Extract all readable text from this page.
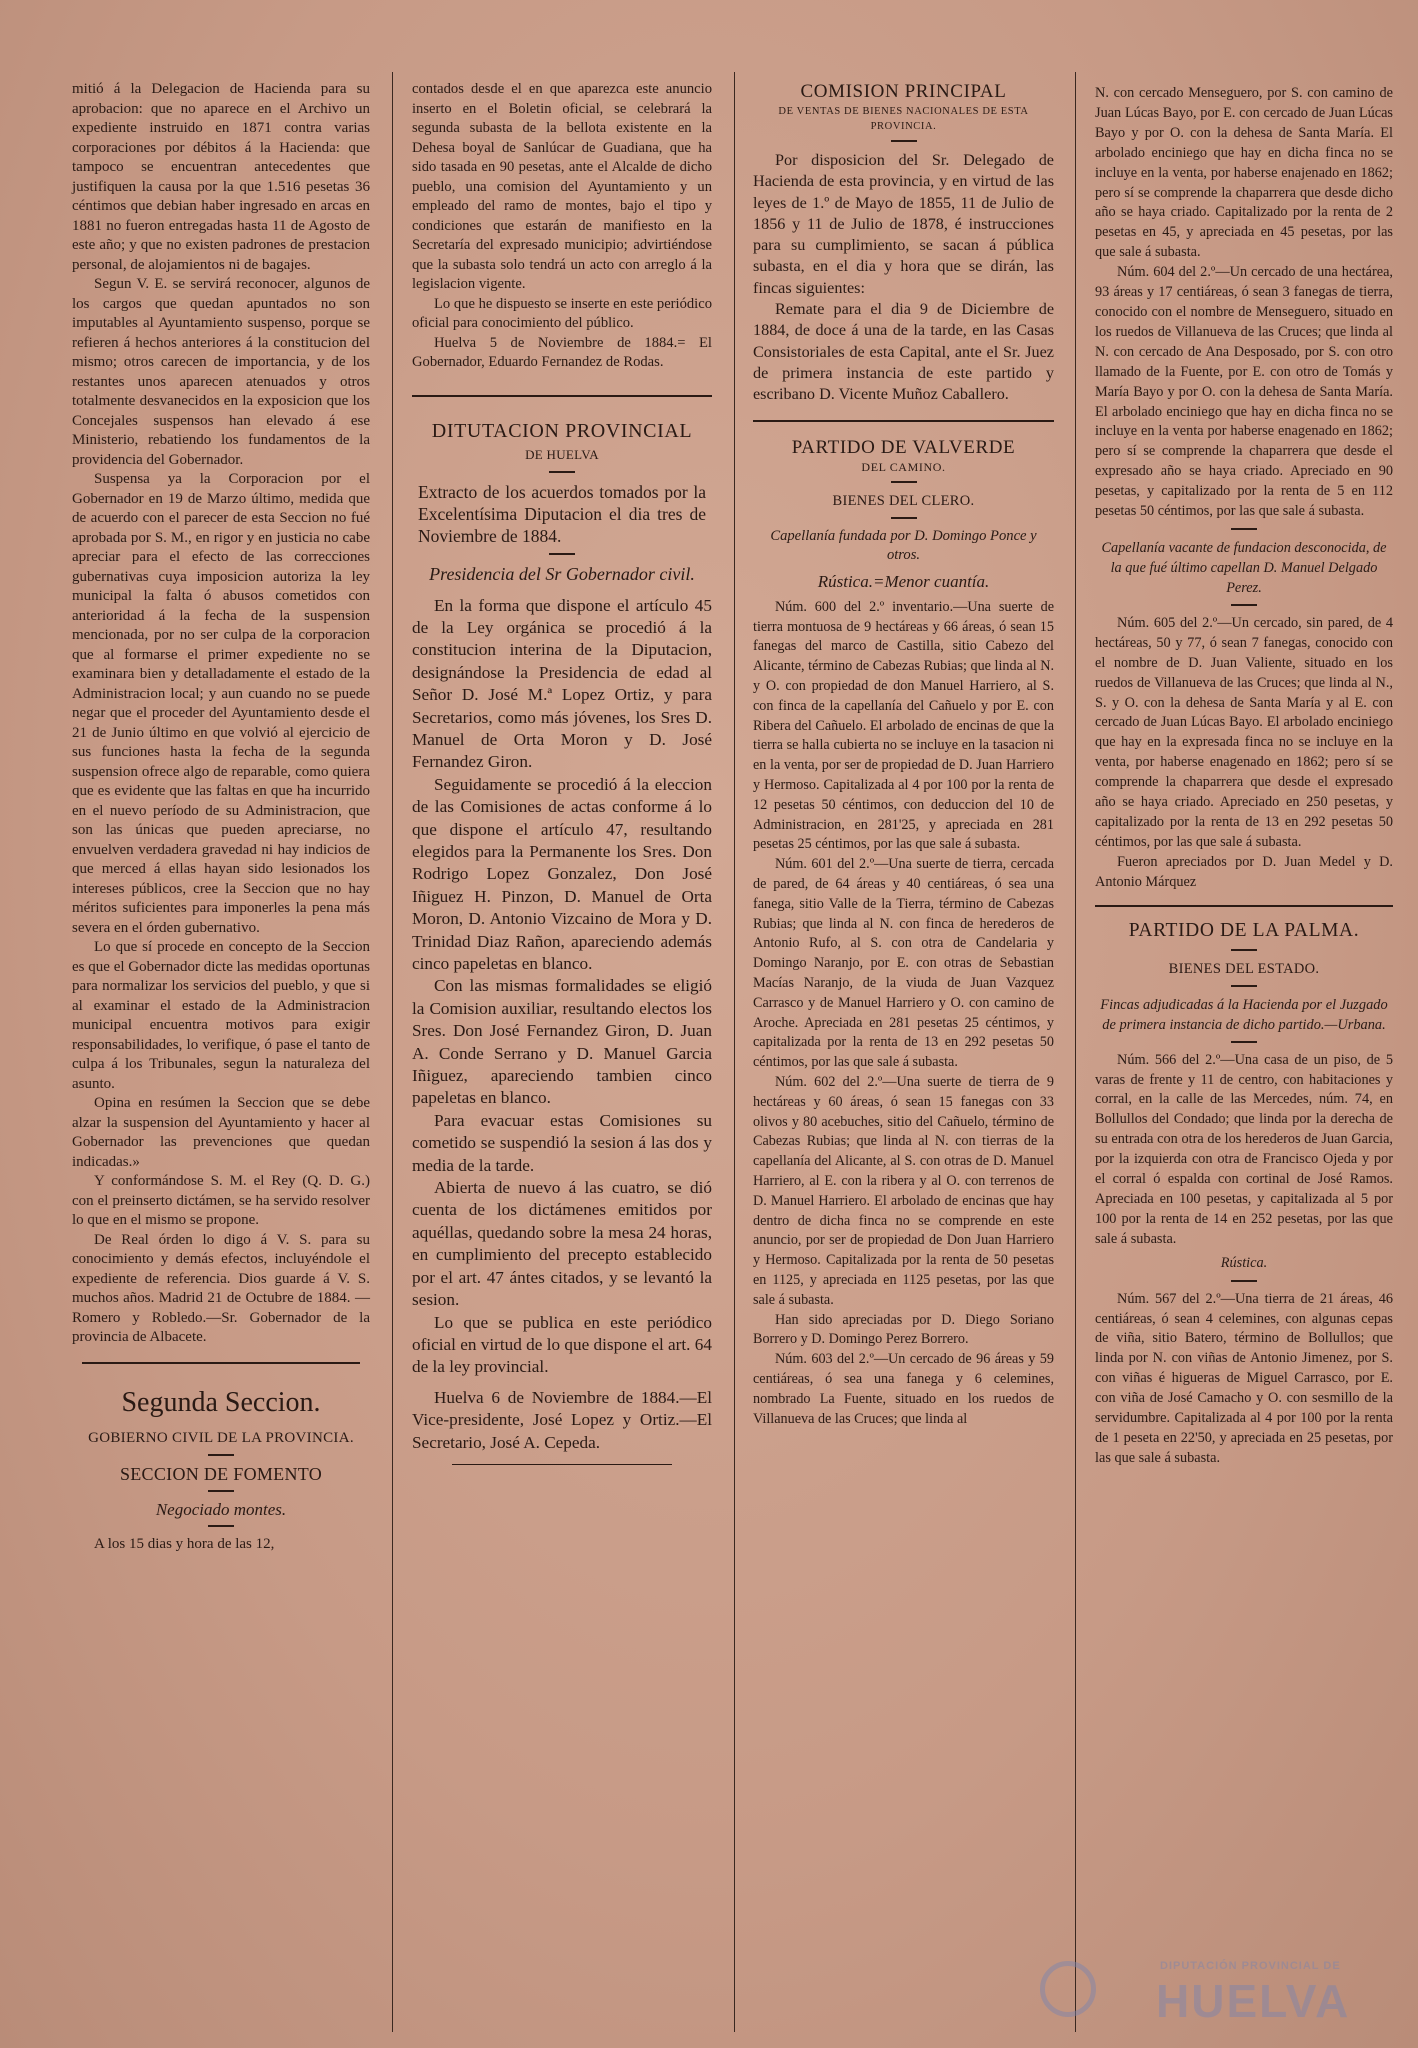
mitió á la Delegacion de Hacienda para su aprobacion: que no aparece en el Archivo un expediente instruido en 1871 contra varias corporaciones por débitos á la Hacienda: que tampoco se encuentran antecedentes que justifiquen la causa por la que 1.516 pesetas 36 céntimos que debian haber ingresado en arcas en 1881 no fueron entregadas hasta 11 de Agosto de este año; y que no existen padrones de prestacion personal, de alojamientos ni de bagajes.

Segun V. E. se servirá reconocer, algunos de los cargos que quedan apuntados no son imputables al Ayuntamiento suspenso, porque se refieren á hechos anteriores á la constitucion del mismo; otros carecen de importancia, y de los restantes unos aparecen atenuados y otros totalmente desvanecidos en la exposicion que los Concejales suspensos han elevado á ese Ministerio, rebatiendo los fundamentos de la providencia del Gobernador.

Suspensa ya la Corporacion por el Gobernador en 19 de Marzo último, medida que de acuerdo con el parecer de esta Seccion no fué aprobada por S. M., en rigor y en justicia no cabe apreciar para el efecto de las correcciones gubernativas cuya imposicion autoriza la ley municipal la falta ó abusos cometidos con anterioridad á la fecha de la suspension mencionada, por no ser culpa de la corporacion que al formarse el primer expediente no se examinara bien y detalladamente el estado de la Administracion local; y aun cuando no se puede negar que el proceder del Ayuntamiento desde el 21 de Junio último en que volvió al ejercicio de sus funciones hasta la fecha de la segunda suspension ofrece algo de reparable, como quiera que es evidente que las faltas en que ha incurrido en el nuevo período de su Administracion, que son las únicas que pueden apreciarse, no envuelven verdadera gravedad ni hay indicios de que merced á ellas hayan sido lesionados los intereses públicos, cree la Seccion que no hay méritos suficientes para imponerles la pena más severa en el órden gubernativo.

Lo que sí procede en concepto de la Seccion es que el Gobernador dicte las medidas oportunas para normalizar los servicios del pueblo, y que si al examinar el estado de la Administracion municipal encuentra motivos para exigir responsabilidades, lo verifique, ó pase el tanto de culpa á los Tribunales, segun la naturaleza del asunto.

Opina en resúmen la Seccion que se debe alzar la suspension del Ayuntamiento y hacer al Gobernador las prevenciones que quedan indicadas.»

Y conformándose S. M. el Rey (Q. D. G.) con el preinserto dictámen, se ha servido resolver lo que en el mismo se propone.

De Real órden lo digo á V. S. para su conocimiento y demás efectos, incluyéndole el expediente de referencia. Dios guarde á V. S. muchos años. Madrid 21 de Octubre de 1884. —Romero y Robledo.—Sr. Gobernador de la provincia de Albacete.

Segunda Seccion.
GOBIERNO CIVIL DE LA PROVINCIA.
SECCION DE FOMENTO
Negociado montes.

A los 15 dias y hora de las 12,

contados desde el en que aparezca este anuncio inserto en el Boletin oficial, se celebrará la segunda subasta de la bellota existente en la Dehesa boyal de Sanlúcar de Guadiana, que ha sido tasada en 90 pesetas, ante el Alcalde de dicho pueblo, una comision del Ayuntamiento y un empleado del ramo de montes, bajo el tipo y condiciones que estarán de manifiesto en la Secretaría del expresado municipio; advirtiéndose que la subasta solo tendrá un acto con arreglo á la legislacion vigente.

Lo que he dispuesto se inserte en este periódico oficial para conocimiento del público.

Huelva 5 de Noviembre de 1884.= El Gobernador, Eduardo Fernandez de Rodas.

DITUTACION PROVINCIAL
DE HUELVA

Extracto de los acuerdos tomados por la Excelentísima Diputacion el dia tres de Noviembre de 1884.

Presidencia del Sr Gobernador civil.

En la forma que dispone el artículo 45 de la Ley orgánica se procedió á la constitucion interina de la Diputacion, designándose la Presidencia de edad al Señor D. José M.ª Lopez Ortiz, y para Secretarios, como más jóvenes, los Sres D. Manuel de Orta Moron y D. José Fernandez Giron.

Seguidamente se procedió á la eleccion de las Comisiones de actas conforme á lo que dispone el artículo 47, resultando elegidos para la Permanente los Sres. Don Rodrigo Lopez Gonzalez, Don José Iñiguez H. Pinzon, D. Manuel de Orta Moron, D. Antonio Vizcaino de Mora y D. Trinidad Diaz Rañon, apareciendo además cinco papeletas en blanco.

Con las mismas formalidades se eligió la Comision auxiliar, resultando electos los Sres. Don José Fernandez Giron, D. Juan A. Conde Serrano y D. Manuel Garcia Iñiguez, apareciendo tambien cinco papeletas en blanco.

Para evacuar estas Comisiones su cometido se suspendió la sesion á las dos y media de la tarde.

Abierta de nuevo á las cuatro, se dió cuenta de los dictámenes emitidos por aquéllas, quedando sobre la mesa 24 horas, en cumplimiento del precepto establecido por el art. 47 ántes citados, y se levantó la sesion.

Lo que se publica en este periódico oficial en virtud de lo que dispone el art. 64 de la ley provincial.

Huelva 6 de Noviembre de 1884.—El Vice-presidente, José Lopez y Ortiz.—El Secretario, José A. Cepeda.

COMISION PRINCIPAL
DE VENTAS DE BIENES NACIONALES DE ESTA PROVINCIA.

Por disposicion del Sr. Delegado de Hacienda de esta provincia, y en virtud de las leyes de 1.º de Mayo de 1855, 11 de Julio de 1856 y 11 de Julio de 1878, é instrucciones para su cumplimiento, se sacan á pública subasta, en el dia y hora que se dirán, las fincas siguientes:

Remate para el dia 9 de Diciembre de 1884, de doce á una de la tarde, en las Casas Consistoriales de esta Capital, ante el Sr. Juez de primera instancia de este partido y escribano D. Vicente Muñoz Caballero.

PARTIDO DE VALVERDE
DEL CAMINO.
BIENES DEL CLERO.
Capellanía fundada por D. Domingo Ponce y otros.
Rústica.=Menor cuantía.

Núm. 600 del 2.º inventario.—Una suerte de tierra montuosa de 9 hectáreas y 66 áreas, ó sean 15 fanegas del marco de Castilla, sitio Cabezo del Alicante, término de Cabezas Rubias; que linda al N. y O. con propiedad de don Manuel Harriero, al S. con finca de la capellanía del Cañuelo y por E. con Ribera del Cañuelo. El arbolado de encinas de que la tierra se halla cubierta no se incluye en la tasacion ni en la venta, por ser de propiedad de D. Juan Harriero y Hermoso. Capitalizada al 4 por 100 por la renta de 12 pesetas 50 céntimos, con deduccion del 10 de Administracion, en 281'25, y apreciada en 281 pesetas 25 céntimos, por las que sale á subasta.

Núm. 601 del 2.º—Una suerte de tierra, cercada de pared, de 64 áreas y 40 centiáreas, ó sea una fanega, sitio Valle de la Tierra, término de Cabezas Rubias; que linda al N. con finca de herederos de Antonio Rufo, al S. con otra de Candelaria y Domingo Naranjo, por E. con otras de Sebastian Macías Naranjo, de la viuda de Juan Vazquez Carrasco y de Manuel Harriero y O. con camino de Aroche. Apreciada en 281 pesetas 25 céntimos, y capitalizada por la renta de 13 en 292 pesetas 50 céntimos, por las que sale á subasta.

Núm. 602 del 2.º—Una suerte de tierra de 9 hectáreas y 60 áreas, ó sean 15 fanegas con 33 olivos y 80 acebuches, sitio del Cañuelo, término de Cabezas Rubias; que linda al N. con tierras de la capellanía del Alicante, al S. con otras de D. Manuel Harriero, al E. con la ribera y al O. con terrenos de D. Manuel Harriero. El arbolado de encinas que hay dentro de dicha finca no se comprende en este anuncio, por ser de propiedad de Don Juan Harriero y Hermoso. Capitalizada por la renta de 50 pesetas en 1125, y apreciada en 1125 pesetas, por las que sale á subasta.

Han sido apreciadas por D. Diego Soriano Borrero y D. Domingo Perez Borrero.

Núm. 603 del 2.º—Un cercado de 96 áreas y 59 centiáreas, ó sea una fanega y 6 celemines, nombrado La Fuente, situado en los ruedos de Villanueva de las Cruces; que linda al

N. con cercado Menseguero, por S. con camino de Juan Lúcas Bayo, por E. con cercado de Juan Lúcas Bayo y por O. con la dehesa de Santa María. El arbolado enciniego que hay en dicha finca no se incluye en la venta, por haberse enajenado en 1862; pero sí se comprende la chaparrera que desde dicho año se haya criado. Capitalizado por la renta de 2 pesetas en 45, y apreciada en 45 pesetas, por las que sale á subasta.

Núm. 604 del 2.º—Un cercado de una hectárea, 93 áreas y 17 centiáreas, ó sean 3 fanegas de tierra, conocido con el nombre de Menseguero, situado en los ruedos de Villanueva de las Cruces; que linda al N. con cercado de Ana Desposado, por S. con otro llamado de la Fuente, por E. con otro de Tomás y María Bayo y por O. con la dehesa de Santa María. El arbolado enciniego que hay en dicha finca no se incluye en la venta por haberse enagenado en 1862; pero sí se comprende la chaparrera que desde el expresado año se haya criado. Apreciado en 90 pesetas, y capitalizado por la renta de 5 en 112 pesetas 50 céntimos, por las que sale á subasta.

Capellanía vacante de fundacion desconocida, de la que fué último capellan D. Manuel Delgado Perez.

Núm. 605 del 2.º—Un cercado, sin pared, de 4 hectáreas, 50 y 77, ó sean 7 fanegas, conocido con el nombre de D. Juan Valiente, situado en los ruedos de Villanueva de las Cruces; que linda al N., S. y O. con la dehesa de Santa María y al E. con cercado de Juan Lúcas Bayo. El arbolado enciniego que hay en la expresada finca no se incluye en la venta, por haberse enagenado en 1862; pero sí se comprende la chaparrera que desde el expresado año se haya criado. Apreciado en 250 pesetas, y capitalizado por la renta de 13 en 292 pesetas 50 céntimos, por las que sale á subasta.

Fueron apreciados por D. Juan Medel y D. Antonio Márquez

PARTIDO DE LA PALMA.
BIENES DEL ESTADO.
Fincas adjudicadas á la Hacienda por el Juzgado de primera instancia de dicho partido.—Urbana.

Núm. 566 del 2.º—Una casa de un piso, de 5 varas de frente y 11 de centro, con habitaciones y corral, en la calle de las Mercedes, núm. 74, en Bollullos del Condado; que linda por la derecha de su entrada con otra de los herederos de Juan Garcia, por la izquierda con otra de Francisco Ojeda y por el corral ó espalda con cortinal de José Ramos. Apreciada en 100 pesetas, y capitalizada al 5 por 100 por la renta de 14 en 252 pesetas, por las que sale á subasta.

Rústica.

Núm. 567 del 2.º—Una tierra de 21 áreas, 46 centiáreas, ó sean 4 celemines, con algunas cepas de viña, sitio Batero, término de Bollullos; que linda por N. con viñas de Antonio Jimenez, por S. con viñas é higueras de Miguel Carrasco, por E. con viña de José Camacho y O. con sesmillo de la servidumbre. Capitalizada al 4 por 100 por la renta de 1 peseta en 22'50, y apreciada en 25 pesetas, por las que sale á subasta.

DIPUTACIÓN PROVINCIAL DE
HUELVA
